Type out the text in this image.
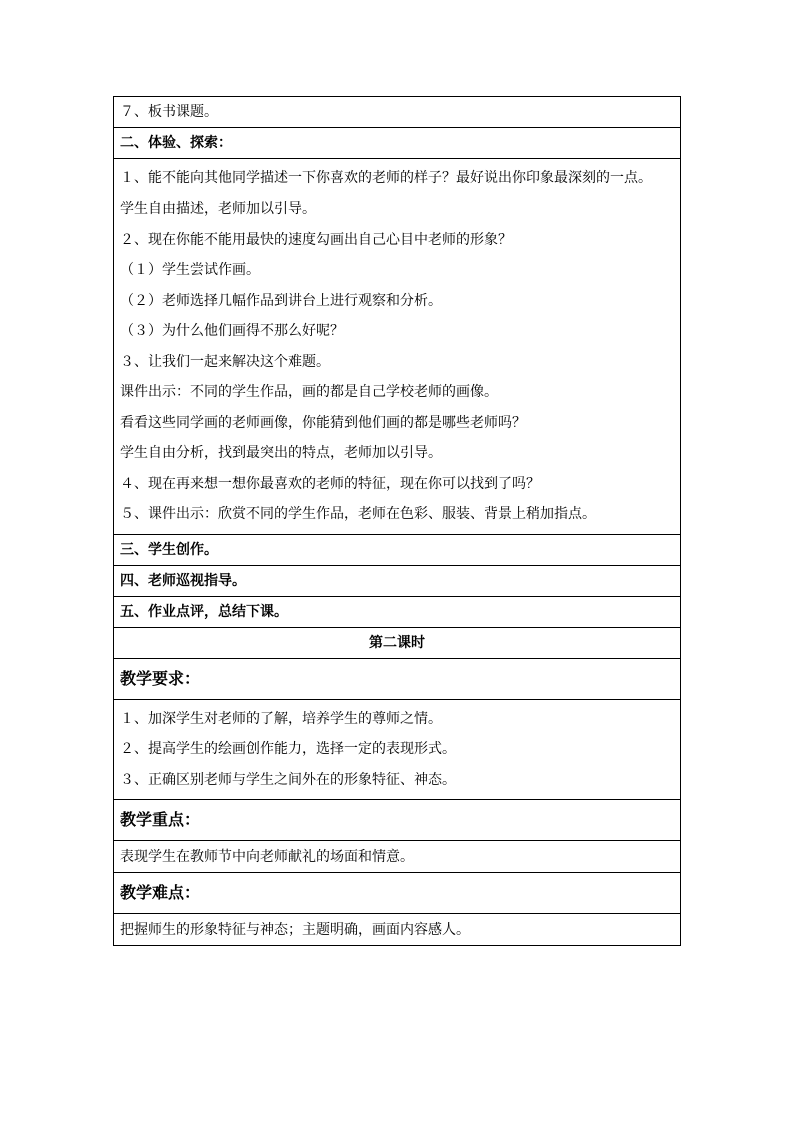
７、板书课题。
二、体验、探索：

１、能不能向其他同学描述一下你喜欢的老师的样子？最好说出你印象最深刻的一点。
学生自由描述，老师加以引导。
２、现在你能不能用最快的速度勾画出自己心目中老师的形象？
（１）学生尝试作画。
（２）老师选择几幅作品到讲台上进行观察和分析。
（３）为什么他们画得不那么好呢？
３、让我们一起来解决这个难题。
课件出示：不同的学生作品，画的都是自己学校老师的画像。
看看这些同学画的老师画像，你能猜到他们画的都是哪些老师吗？
学生自由分析，找到最突出的特点，老师加以引导。
４、现在再来想一想你最喜欢的老师的特征，现在你可以找到了吗？
５、课件出示：欣赏不同的学生作品，老师在色彩、服装、背景上稍加指点。

三、学生创作。
四、老师巡视指导。
五、作业点评，总结下课。
第二课时
教学要求：

１、加深学生对老师的了解，培养学生的尊师之情。
２、提高学生的绘画创作能力，选择一定的表现形式。
３、正确区别老师与学生之间外在的形象特征、神态。

教学重点：
表现学生在教师节中向老师献礼的场面和情意。
教学难点：
把握师生的形象特征与神态；主题明确，画面内容感人。
